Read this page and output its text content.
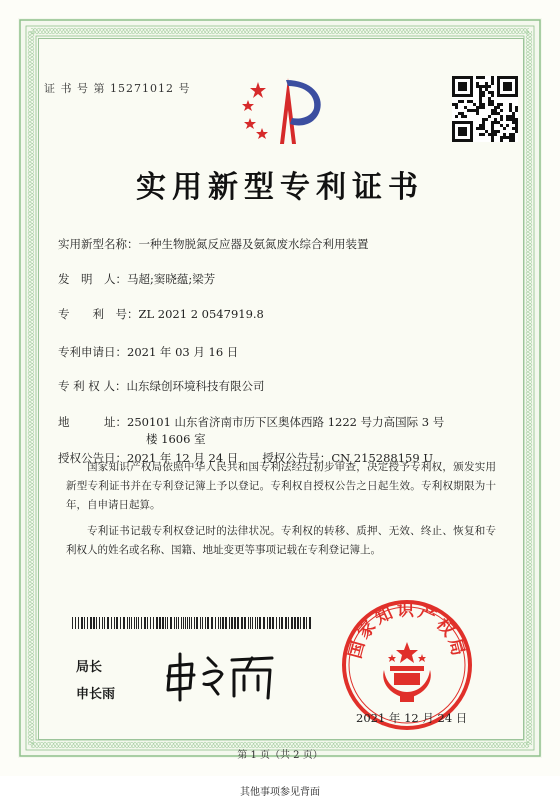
证 书 号 第 15271012 号
实用新型专利证书
实用新型名称：一种生物脱氮反应器及氨氮废水综合利用装置
发　明　人：马超;窦晓蕴;梁芳
专　　利　号：ZL 2021 2 0547919.8
专利申请日：2021 年 03 月 16 日
专 利 权 人：山东绿创环境科技有限公司
地　　　址：250101 山东省济南市历下区奥体西路 1222 号力高国际 3 号
楼 1606 室
授权公告日：2021 年 12 月 24 日 授权公告号：CN 215288159 U
国家知识产权局依照中华人民共和国专利法经过初步审查，决定授予专利权，颁发实用新型专利证书并在专利登记簿上予以登记。专利权自授权公告之日起生效。专利权期限为十年，自申请日起算。
专利证书记载专利权登记时的法律状况。专利权的转移、质押、无效、终止、恢复和专利权人的姓名或名称、国籍、地址变更等事项记载在专利登记簿上。
局长
申长雨
国家知识产权局
2021 年 12 月 24 日
第 1 页（共 2 页）
其他事项参见背面
